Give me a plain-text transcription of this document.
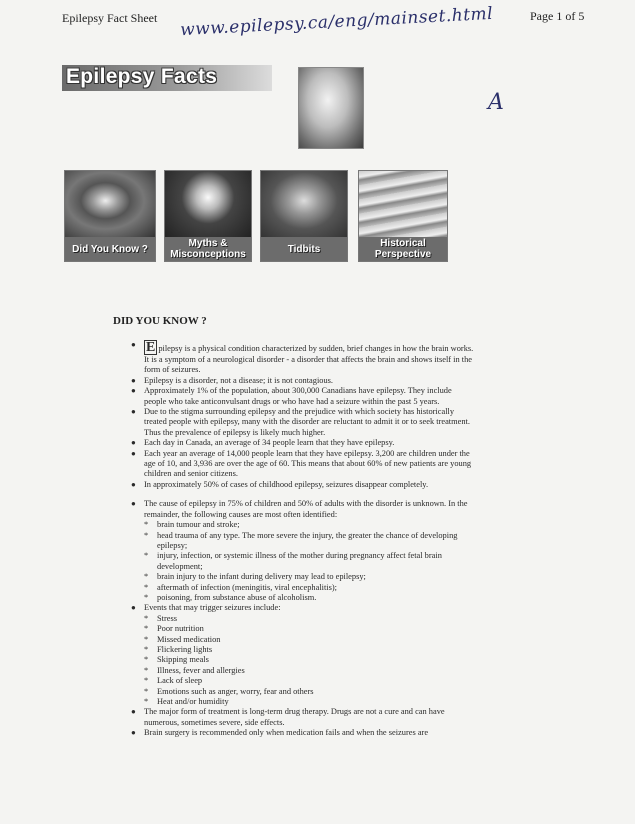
Epilepsy Fact Sheet	Page 1 of 5
www.epilepsy.ca/eng/mainset.html
A
Epilepsy Facts
Did You Know ?	Myths & Misconceptions	Tidbits	Historical Perspective
DID YOU KNOW ?
● E pilepsy is a physical condition characterized by sudden, brief changes in how the brain works. It is a symptom of a neurological disorder - a disorder that affects the brain and shows itself in the form of seizures.
● Epilepsy is a disorder, not a disease; it is not contagious.
● Approximately 1% of the population, about 300,000 Canadians have epilepsy. They include people who take anticonvulsant drugs or who have had a seizure within the past 5 years.
● Due to the stigma surrounding epilepsy and the prejudice with which society has historically treated people with epilepsy, many with the disorder are reluctant to admit it or to seek treatment. Thus the prevalence of epilepsy is likely much higher.
● Each day in Canada, an average of 34 people learn that they have epilepsy.
● Each year an average of 14,000 people learn that they have epilepsy. 3,200 are children under the age of 10, and 3,936 are over the age of 60. This means that about 60% of new patients are young children and senior citizens.
● In approximately 50% of cases of childhood epilepsy, seizures disappear completely.
● The cause of epilepsy in 75% of children and 50% of adults with the disorder is unknown. In the remainder, the following causes are most often identified:
* brain tumour and stroke;
* head trauma of any type. The more severe the injury, the greater the chance of developing epilepsy;
* injury, infection, or systemic illness of the mother during pregnancy affect fetal brain development;
* brain injury to the infant during delivery may lead to epilepsy;
* aftermath of infection (meningitis, viral encephalitis);
* poisoning, from substance abuse of alcoholism.
● Events that may trigger seizures include:
* Stress
* Poor nutrition
* Missed medication
* Flickering lights
* Skipping meals
* Illness, fever and allergies
* Lack of sleep
* Emotions such as anger, worry, fear and others
* Heat and/or humidity
● The major form of treatment is long-term drug therapy. Drugs are not a cure and can have numerous, sometimes severe, side effects.
● Brain surgery is recommended only when medication fails and when the seizures are
